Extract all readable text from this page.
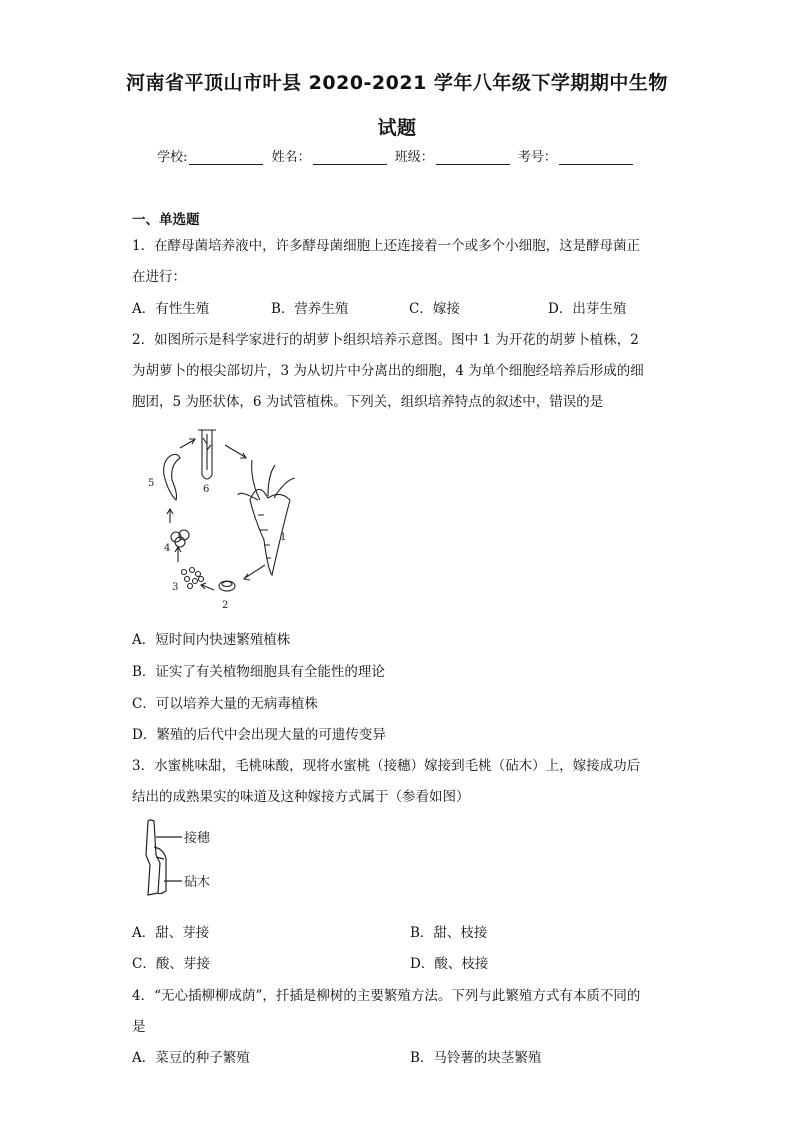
河南省平顶山市叶县 2020-2021 学年八年级下学期期中生物
试题
学校:	姓名：	班级：	考号：
一、单选题
1．在酵母菌培养液中，许多酵母菌细胞上还连接着一个或多个小细胞，这是酵母菌正
在进行：
A．有性生殖	B．营养生殖	C．嫁接	D．出芽生殖
2．如图所示是科学家进行的胡萝卜组织培养示意图。图中 1 为开花的胡萝卜植株，2
为胡萝卜的根尖部切片，3 为从切片中分离出的细胞，4 为单个细胞经培养后形成的细
胞团，5 为胚状体，6 为试管植株。下列关，组织培养特点的叙述中，错误的是
1
2
3
4
5
6
A．短时间内快速繁殖植株
B．证实了有关植物细胞具有全能性的理论
C．可以培养大量的无病毒植株
D．繁殖的后代中会出现大量的可遗传变异
3．水蜜桃味甜，毛桃味酸，现将水蜜桃（接穗）嫁接到毛桃（砧木）上，嫁接成功后
结出的成熟果实的味道及这种嫁接方式属于（参看如图）
接穗
砧木
A．甜、芽接	B．甜、枝接
C．酸、芽接	D．酸、枝接
4．“无心插柳柳成荫”，扦插是柳树的主要繁殖方法。下列与此繁殖方式有本质不同的
是
A．菜豆的种子繁殖	B．马铃薯的块茎繁殖
